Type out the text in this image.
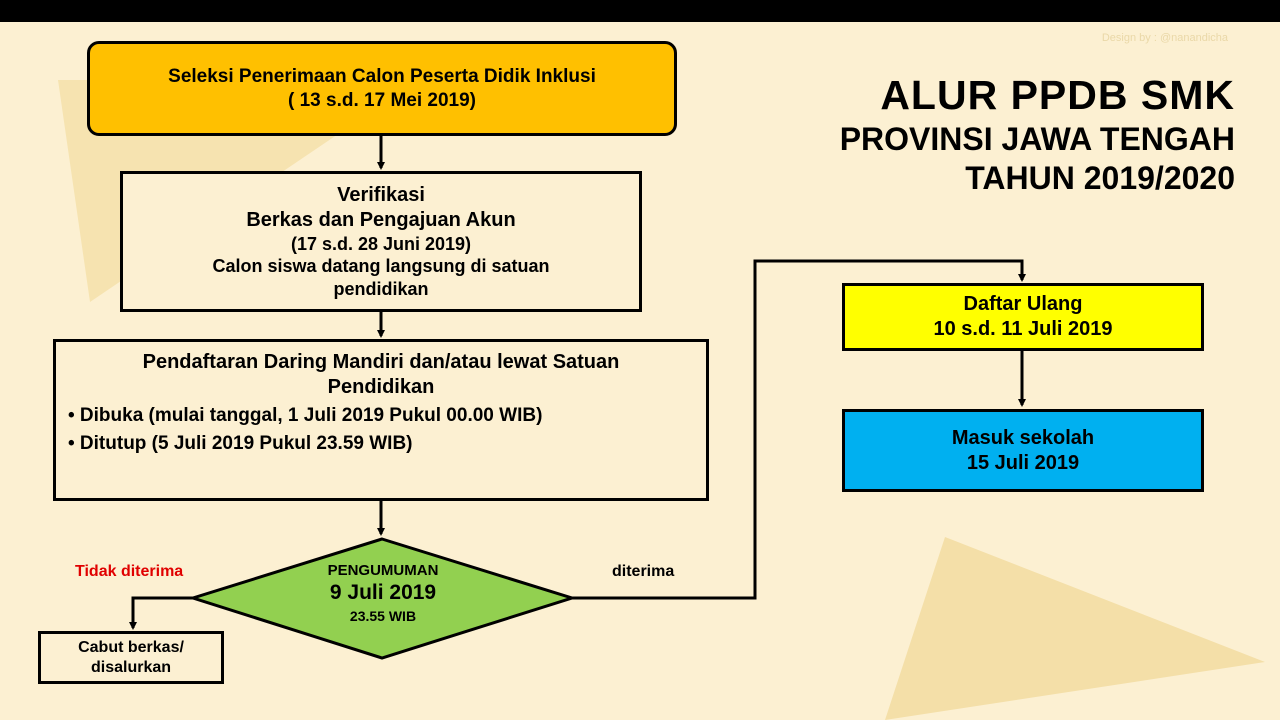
Design by : @nanandicha
ALUR PPDB SMK
PROVINSI JAWA TENGAH
TAHUN 2019/2020
Seleksi Penerimaan Calon Peserta Didik Inklusi
( 13 s.d. 17 Mei 2019)
Verifikasi
Berkas dan Pengajuan Akun
(17 s.d. 28 Juni 2019)
Calon siswa datang langsung di satuan
pendidikan
Pendaftaran Daring Mandiri dan/atau lewat Satuan
Pendidikan
• Dibuka (mulai tanggal, 1 Juli 2019 Pukul 00.00 WIB)
• Ditutup (5 Juli 2019 Pukul 23.59 WIB)
PENGUMUMAN
9 Juli 2019
23.55 WIB
Tidak diterima	diterima
Cabut berkas/
disalurkan
Daftar Ulang
10 s.d. 11 Juli 2019
Masuk sekolah
15 Juli 2019
